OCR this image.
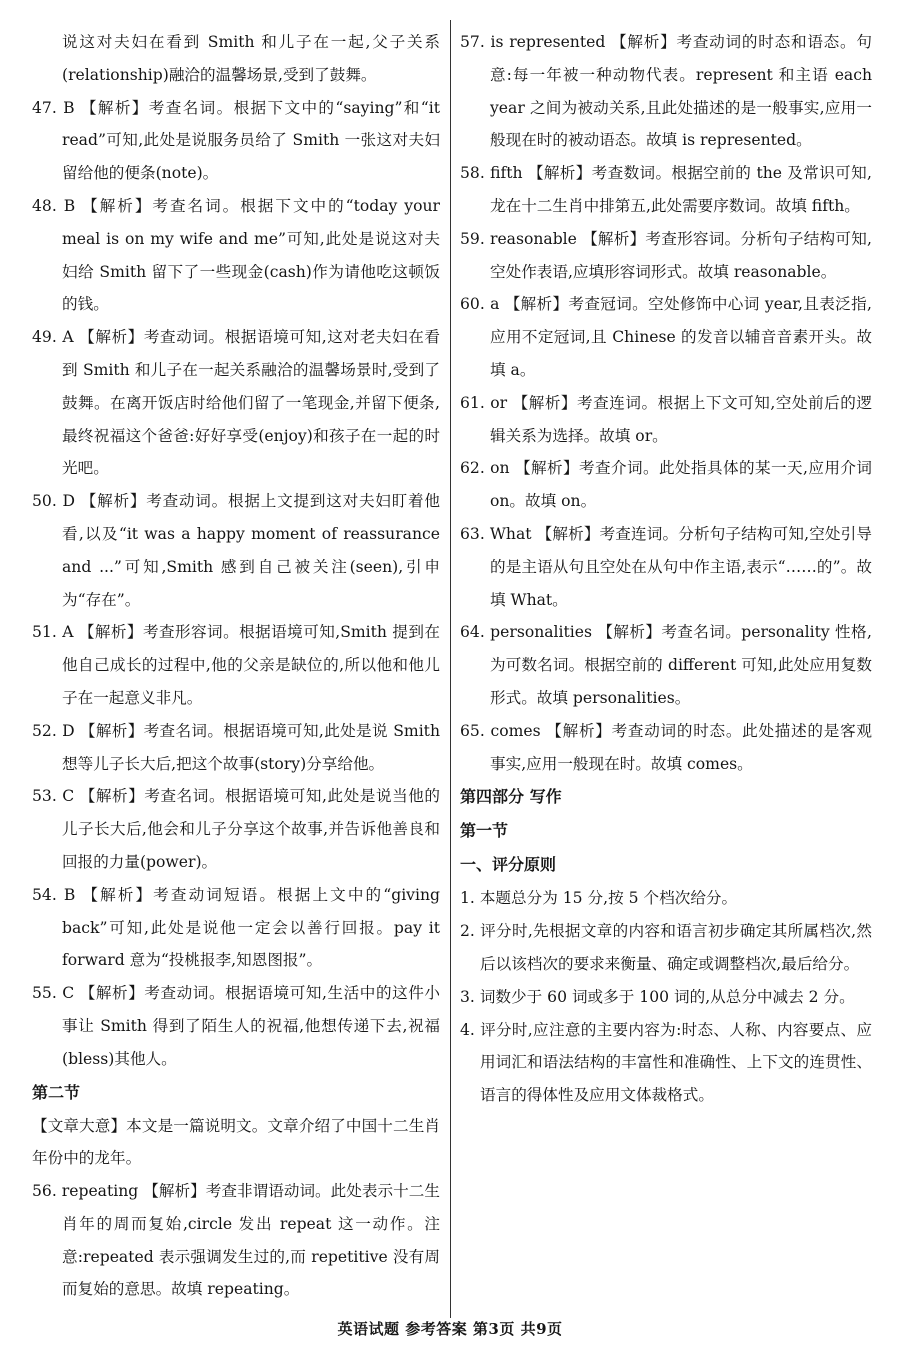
说这对夫妇在看到 Smith 和儿子在一起,父子关系(relationship)融洽的温馨场景,受到了鼓舞。

47. B 【解析】考查名词。根据下文中的“saying”和“it read”可知,此处是说服务员给了 Smith 一张这对夫妇留给他的便条(note)。

48. B 【解析】考查名词。根据下文中的“today your meal is on my wife and me”可知,此处是说这对夫妇给 Smith 留下了一些现金(cash)作为请他吃这顿饭的钱。

49. A 【解析】考查动词。根据语境可知,这对老夫妇在看到 Smith 和儿子在一起关系融洽的温馨场景时,受到了鼓舞。在离开饭店时给他们留了一笔现金,并留下便条,最终祝福这个爸爸:好好享受(enjoy)和孩子在一起的时光吧。

50. D 【解析】考查动词。根据上文提到这对夫妇盯着他看,以及“it was a happy moment of reassurance and ...”可知,Smith 感到自己被关注(seen),引申为“存在”。

51. A 【解析】考查形容词。根据语境可知,Smith 提到在他自己成长的过程中,他的父亲是缺位的,所以他和他儿子在一起意义非凡。

52. D 【解析】考查名词。根据语境可知,此处是说 Smith 想等儿子长大后,把这个故事(story)分享给他。

53. C 【解析】考查名词。根据语境可知,此处是说当他的儿子长大后,他会和儿子分享这个故事,并告诉他善良和回报的力量(power)。

54. B 【解析】考查动词短语。根据上文中的“giving back”可知,此处是说他一定会以善行回报。pay it forward 意为“投桃报李,知恩图报”。

55. C 【解析】考查动词。根据语境可知,生活中的这件小事让 Smith 得到了陌生人的祝福,他想传递下去,祝福(bless)其他人。

第二节

【文章大意】本文是一篇说明文。文章介绍了中国十二生肖年份中的龙年。

56. repeating 【解析】考查非谓语动词。此处表示十二生肖年的周而复始,circle 发出 repeat 这一动作。注意:repeated 表示强调发生过的,而 repetitive 没有周而复始的意思。故填 repeating。

57. is represented 【解析】考查动词的时态和语态。句意:每一年被一种动物代表。represent 和主语 each year 之间为被动关系,且此处描述的是一般事实,应用一般现在时的被动语态。故填 is represented。

58. fifth 【解析】考查数词。根据空前的 the 及常识可知,龙在十二生肖中排第五,此处需要序数词。故填 fifth。

59. reasonable 【解析】考查形容词。分析句子结构可知,空处作表语,应填形容词形式。故填 reasonable。

60. a 【解析】考查冠词。空处修饰中心词 year,且表泛指,应用不定冠词,且 Chinese 的发音以辅音音素开头。故填 a。

61. or 【解析】考查连词。根据上下文可知,空处前后的逻辑关系为选择。故填 or。

62. on 【解析】考查介词。此处指具体的某一天,应用介词 on。故填 on。

63. What 【解析】考查连词。分析句子结构可知,空处引导的是主语从句且空处在从句中作主语,表示“……的”。故填 What。

64. personalities 【解析】考查名词。personality 性格,为可数名词。根据空前的 different 可知,此处应用复数形式。故填 personalities。

65. comes 【解析】考查动词的时态。此处描述的是客观事实,应用一般现在时。故填 comes。

第四部分 写作

第一节

一、评分原则

1. 本题总分为 15 分,按 5 个档次给分。

2. 评分时,先根据文章的内容和语言初步确定其所属档次,然后以该档次的要求来衡量、确定或调整档次,最后给分。

3. 词数少于 60 词或多于 100 词的,从总分中减去 2 分。

4. 评分时,应注意的主要内容为:时态、人称、内容要点、应用词汇和语法结构的丰富性和准确性、上下文的连贯性、语言的得体性及应用文体裁格式。

英语试题 参考答案 第3页 共9页
